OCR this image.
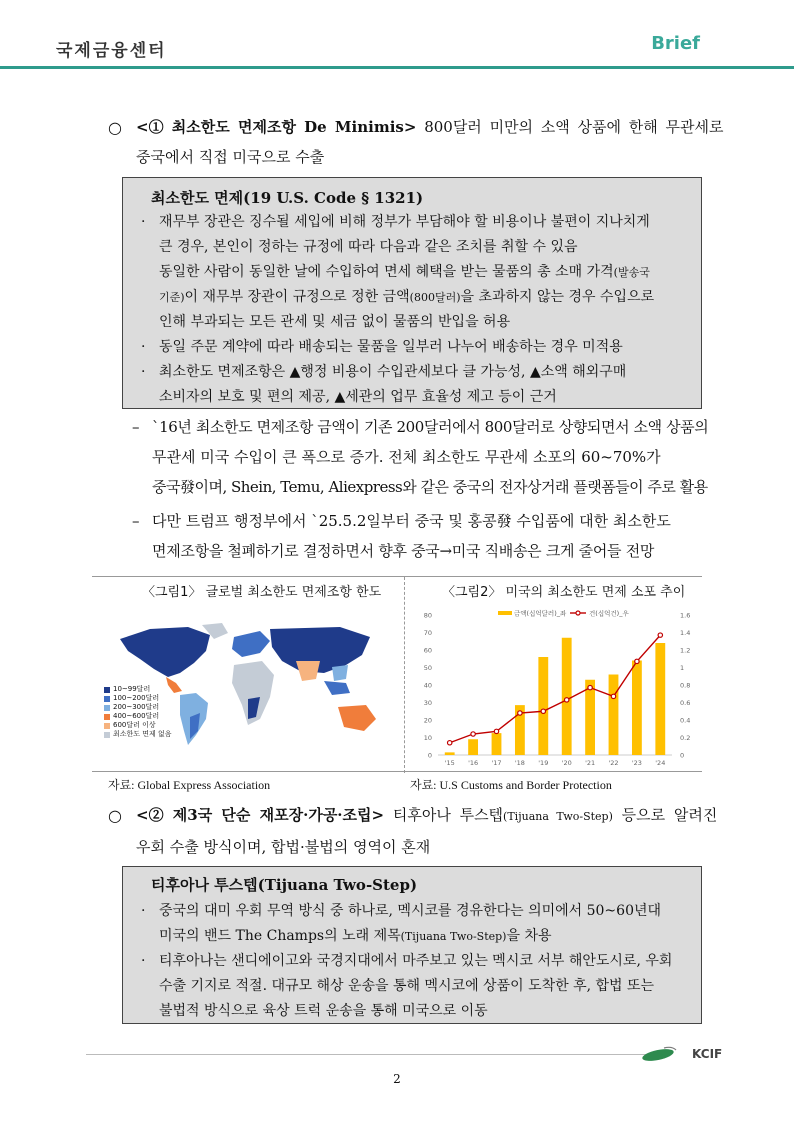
국제금융센터	Brief
○ <① 최소한도 면제조항 De Minimis> 800달러 미만의 소액 상품에 한해 무관세로
중국에서 직접 미국으로 수출
최소한도 면제(19 U.S. Code § 1321)
· 재무부 장관은 징수될 세입에 비해 정부가 부담해야 할 비용이나 불편이 지나치게
큰 경우, 본인이 정하는 규정에 따라 다음과 같은 조치를 취할 수 있음
동일한 사람이 동일한 날에 수입하여 면세 혜택을 받는 물품의 총 소매 가격(발송국
기준)이 재무부 장관이 규정으로 정한 금액(800달러)을 초과하지 않는 경우 수입으로
인해 부과되는 모든 관세 및 세금 없이 물품의 반입을 허용
· 동일 주문 계약에 따라 배송되는 물품을 일부러 나누어 배송하는 경우 미적용
· 최소한도 면제조항은 ▲행정 비용이 수입관세보다 클 가능성, ▲소액 해외구매
소비자의 보호 및 편의 제공, ▲세관의 업무 효율성 제고 등이 근거
– `16년 최소한도 면제조항 금액이 기존 200달러에서 800달러로 상향되면서 소액 상품의
무관세 미국 수입이 큰 폭으로 증가. 전체 최소한도 무관세 소포의 60~70%가
중국發이며, Shein, Temu, Aliexpress와 같은 중국의 전자상거래 플랫폼들이 주로 활용
– 다만 트럼프 행정부에서 `25.5.2일부터 중국 및 홍콩發 수입품에 대한 최소한도
면제조항을 철폐하기로 결정하면서 향후 중국→미국 직배송은 크게 줄어들 전망
〈그림1〉 글로벌 최소한도 면제조항 한도	〈그림2〉 미국의 최소한도 면제 소포 추이
10~99달러
100~200달러
200~300달러
400~600달러
600달러 이상
최소한도 면제 없음
0
10
20
30
40
50
60
70
80
0
0.2
0.4
0.6
0.8
1
1.2
1.4
1.6
'15 '16 '17 '18 '19 '20 '21 '22 '23 '24
금액(십억달러)_좌	건(십억건)_우
자료: Global Express Association	자료: U.S Customs and Border Protection
○ <② 제3국 단순 재포장·가공·조립> 티후아나 투스텝(Tijuana Two-Step) 등으로 알려진
우회 수출 방식이며, 합법·불법의 영역이 혼재
티후아나 투스텝(Tijuana Two-Step)
· 중국의 대미 우회 무역 방식 중 하나로, 멕시코를 경유한다는 의미에서 50~60년대
미국의 밴드 The Champs의 노래 제목(Tijuana Two-Step)을 차용
· 티후아나는 샌디에이고와 국경지대에서 마주보고 있는 멕시코 서부 해안도시로, 우회
수출 기지로 적절. 대규모 해상 운송을 통해 멕시코에 상품이 도착한 후, 합법 또는
불법적 방식으로 육상 트럭 운송을 통해 미국으로 이동
KCIF
2
